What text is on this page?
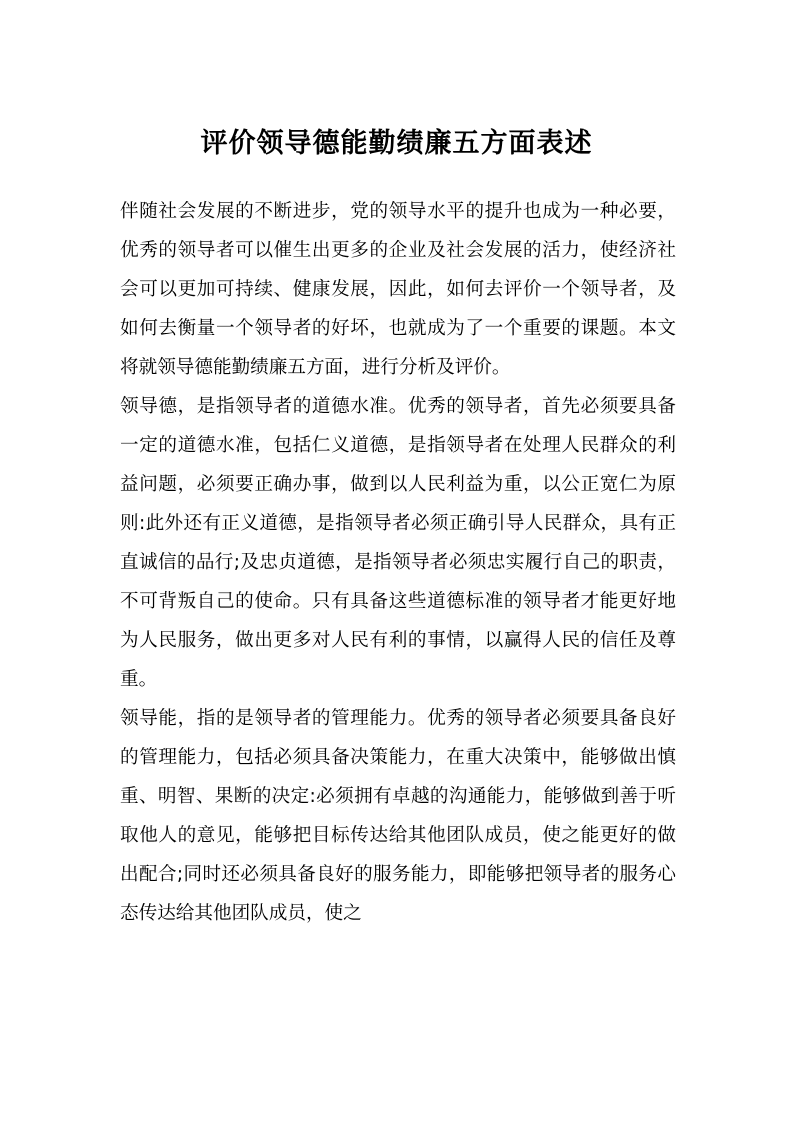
评价领导德能勤绩廉五方面表述

伴随社会发展的不断进步，党的领导水平的提升也成为一种必要，优秀的领导者可以催生出更多的企业及社会发展的活力，使经济社会可以更加可持续、健康发展，因此，如何去评价一个领导者，及如何去衡量一个领导者的好坏，也就成为了一个重要的课题。本文将就领导德能勤绩廉五方面，进行分析及评价。

领导德，是指领导者的道德水准。优秀的领导者，首先必须要具备一定的道德水准，包括仁义道德，是指领导者在处理人民群众的利益问题，必须要正确办事，做到以人民利益为重，以公正宽仁为原则:此外还有正义道德，是指领导者必须正确引导人民群众，具有正直诚信的品行;及忠贞道德，是指领导者必须忠实履行自己的职责，不可背叛自己的使命。只有具备这些道德标准的领导者才能更好地为人民服务，做出更多对人民有利的事情，以赢得人民的信任及尊重。

领导能，指的是领导者的管理能力。优秀的领导者必须要具备良好的管理能力，包括必须具备决策能力，在重大决策中，能够做出慎重、明智、果断的决定:必须拥有卓越的沟通能力，能够做到善于听取他人的意见，能够把目标传达给其他团队成员，使之能更好的做出配合;同时还必须具备良好的服务能力，即能够把领导者的服务心态传达给其他团队成员，使之
